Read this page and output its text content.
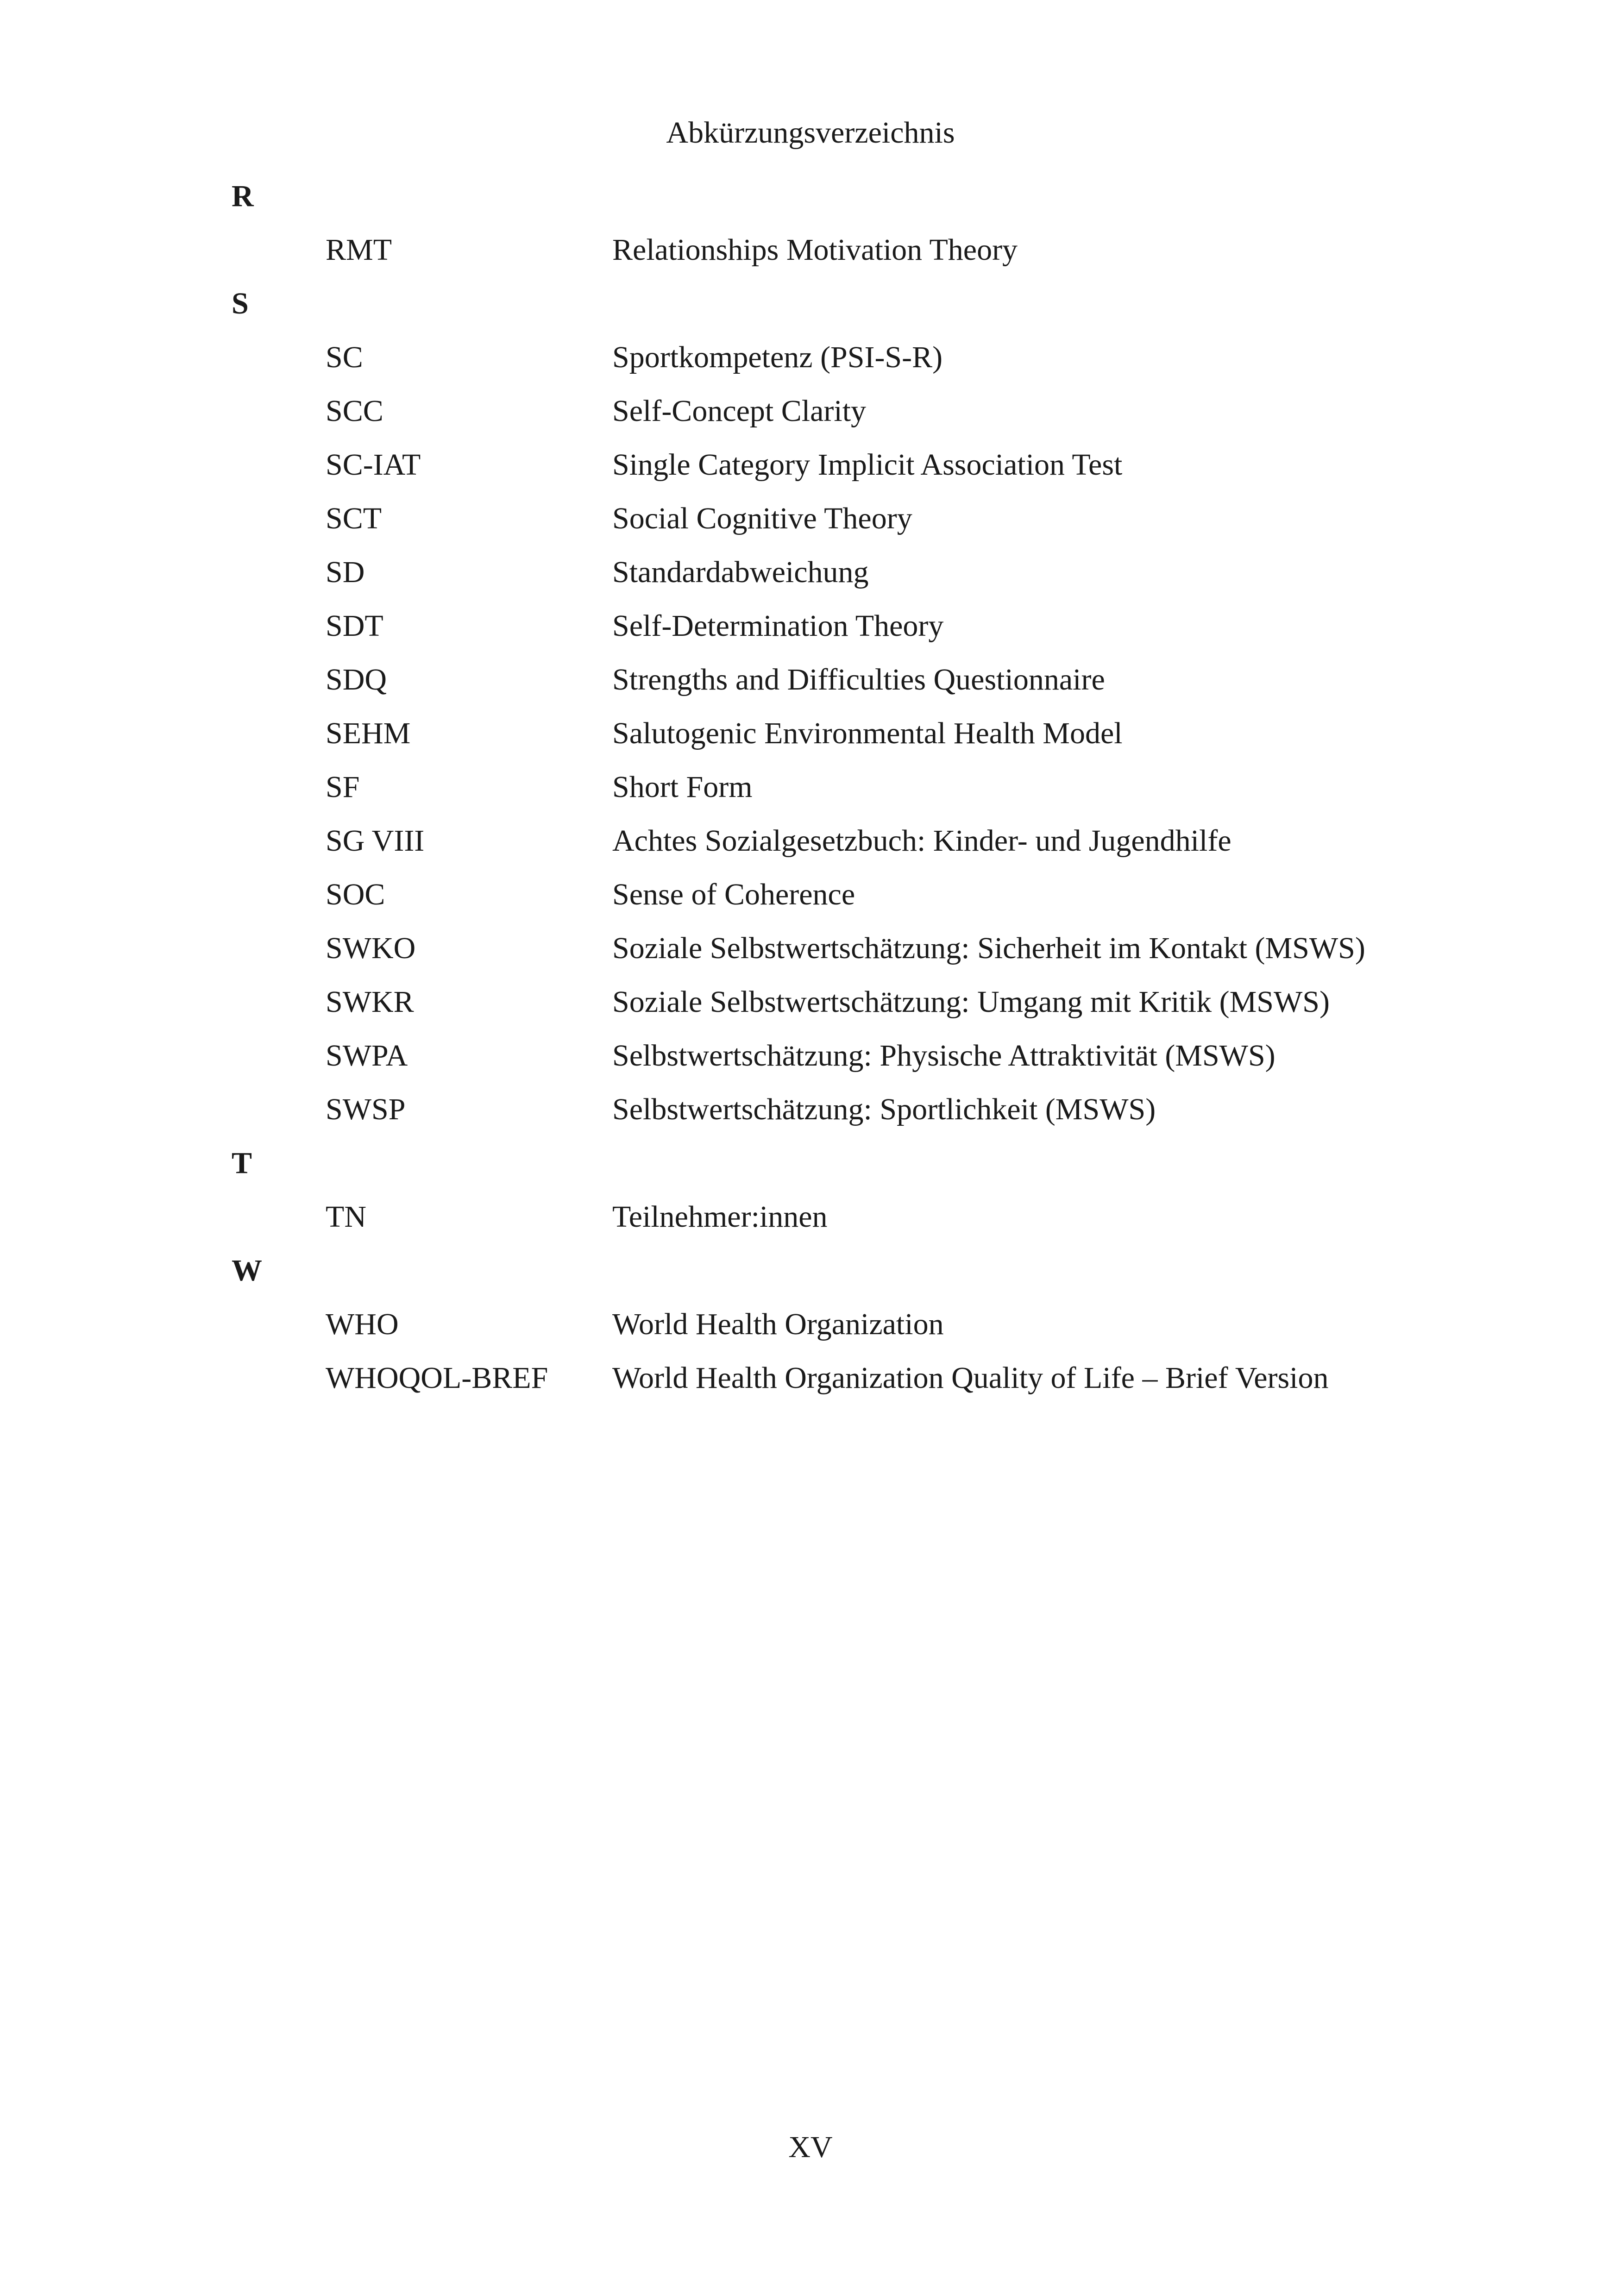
Abkürzungsverzeichnis
R
RMT	Relationships Motivation Theory
S
SC	Sportkompetenz (PSI-S-R)
SCC	Self-Concept Clarity
SC-IAT	Single Category Implicit Association Test
SCT	Social Cognitive Theory
SD	Standardabweichung
SDT	Self-Determination Theory
SDQ	Strengths and Difficulties Questionnaire
SEHM	Salutogenic Environmental Health Model
SF	Short Form
SG VIII	Achtes Sozialgesetzbuch: Kinder- und Jugendhilfe
SOC	Sense of Coherence
SWKO	Soziale Selbstwertschätzung: Sicherheit im Kontakt (MSWS)
SWKR	Soziale Selbstwertschätzung: Umgang mit Kritik (MSWS)
SWPA	Selbstwertschätzung: Physische Attraktivität (MSWS)
SWSP	Selbstwertschätzung: Sportlichkeit (MSWS)
T
TN	Teilnehmer:innen
W
WHO	World Health Organization
WHOQOL-BREF World Health Organization Quality of Life – Brief Version
XV
